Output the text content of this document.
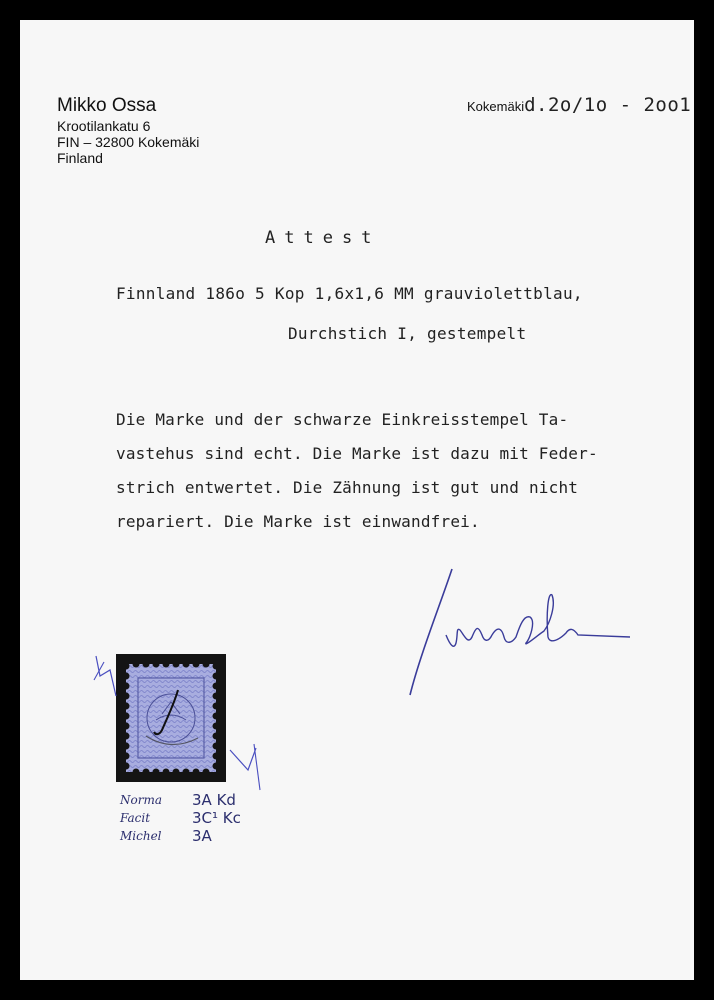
Mikko Ossa
Krootilankatu 6
FIN – 32800 Kokemäki
Finland
Kokemäkid.2o/1o - 2oo1
Attest
Finnland 186o 5 Kop 1,6x1,6 MM grauviolettblau,
Durchstich I, gestempelt
Die Marke und der schwarze Einkreisstempel Ta-
vastehus sind echt. Die Marke ist dazu mit Feder-
strich entwertet. Die Zähnung ist gut und nicht
repariert. Die Marke ist einwandfrei.
Norma 3A Kd
Facit	3C¹ Kc
Michel 3A
